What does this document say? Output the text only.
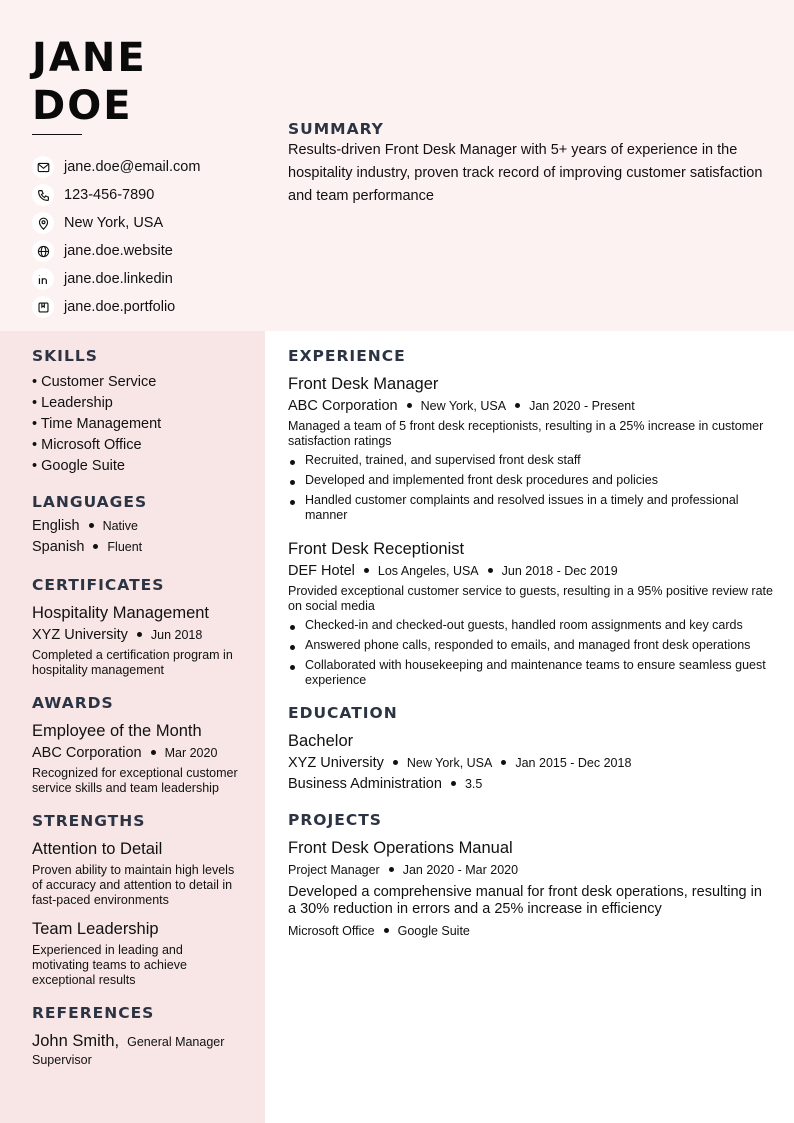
JANE
DOE
jane.doe@email.com
123-456-7890
New York, USA
jane.doe.website
jane.doe.linkedin
jane.doe.portfolio
SUMMARY
Results-driven Front Desk Manager with 5+ years of experience in the hospitality industry, proven track record of improving customer satisfaction and team performance
SKILLS
• Customer Service
• Leadership
• Time Management
• Microsoft Office
• Google Suite
LANGUAGES
English Native
Spanish Fluent
CERTIFICATES
Hospitality Management
XYZ University Jun 2018
Completed a certification program in hospitality management
AWARDS
Employee of the Month
ABC Corporation Mar 2020
Recognized for exceptional customer service skills and team leadership
STRENGTHS
Attention to Detail
Proven ability to maintain high levels of accuracy and attention to detail in fast-paced environments
Team Leadership
Experienced in leading and motivating teams to achieve exceptional results
REFERENCES
John Smith, General Manager
Supervisor
EXPERIENCE
Front Desk Manager
ABC Corporation New York, USA Jan 2020 - Present
Managed a team of 5 front desk receptionists, resulting in a 25% increase in customer satisfaction ratings
Recruited, trained, and supervised front desk staff
Developed and implemented front desk procedures and policies
Handled customer complaints and resolved issues in a timely and professional manner
Front Desk Receptionist
DEF Hotel Los Angeles, USA Jun 2018 - Dec 2019
Provided exceptional customer service to guests, resulting in a 95% positive review rate on social media
Checked-in and checked-out guests, handled room assignments and key cards
Answered phone calls, responded to emails, and managed front desk operations
Collaborated with housekeeping and maintenance teams to ensure seamless guest experience
EDUCATION
Bachelor
XYZ University New York, USA Jan 2015 - Dec 2018
Business Administration 3.5
PROJECTS
Front Desk Operations Manual
Project Manager Jan 2020 - Mar 2020
Developed a comprehensive manual for front desk operations, resulting in a 30% reduction in errors and a 25% increase in efficiency
Microsoft Office Google Suite
